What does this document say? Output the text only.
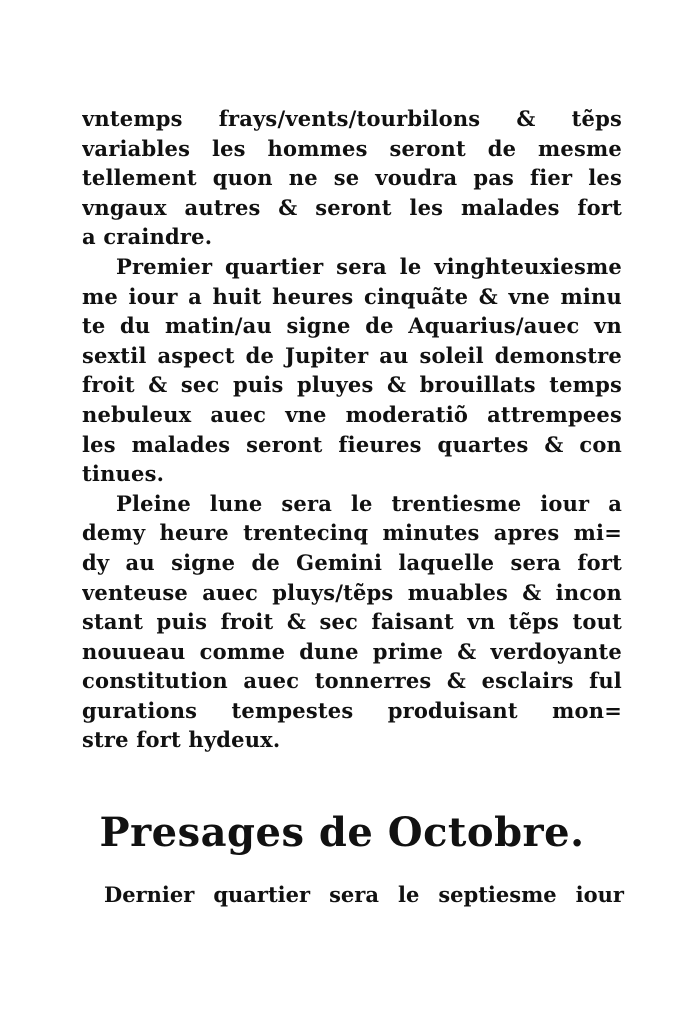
vntemps frays/vents/tourbilons & tẽps
variables les hommes seront de mesme
tellement quon ne se voudra pas fier les
vngaux autres & seront les malades fort
a craindre.
Premier quartier sera le vinghteuxiesme
me iour a huit heures cinquãte & vne minu
te du matin/au signe de Aquarius/auec vn
sextil aspect de Jupiter au soleil demonstre
froit & sec puis pluyes & brouillats temps
nebuleux auec vne moderatiõ attrempees
les malades seront fieures quartes & con
tinues.
Pleine lune sera le trentiesme iour a
demy heure trentecinq minutes apres mi=
dy au signe de Gemini laquelle sera fort
venteuse auec pluys/tẽps muables & incon
stant puis froit & sec faisant vn tẽps tout
nouueau comme dune prime & verdoyante
constitution auec tonnerres & esclairs ful
gurations tempestes produisant mon=
stre fort hydeux.
Presages de Octobre.
Dernier quartier sera le septiesme iour
